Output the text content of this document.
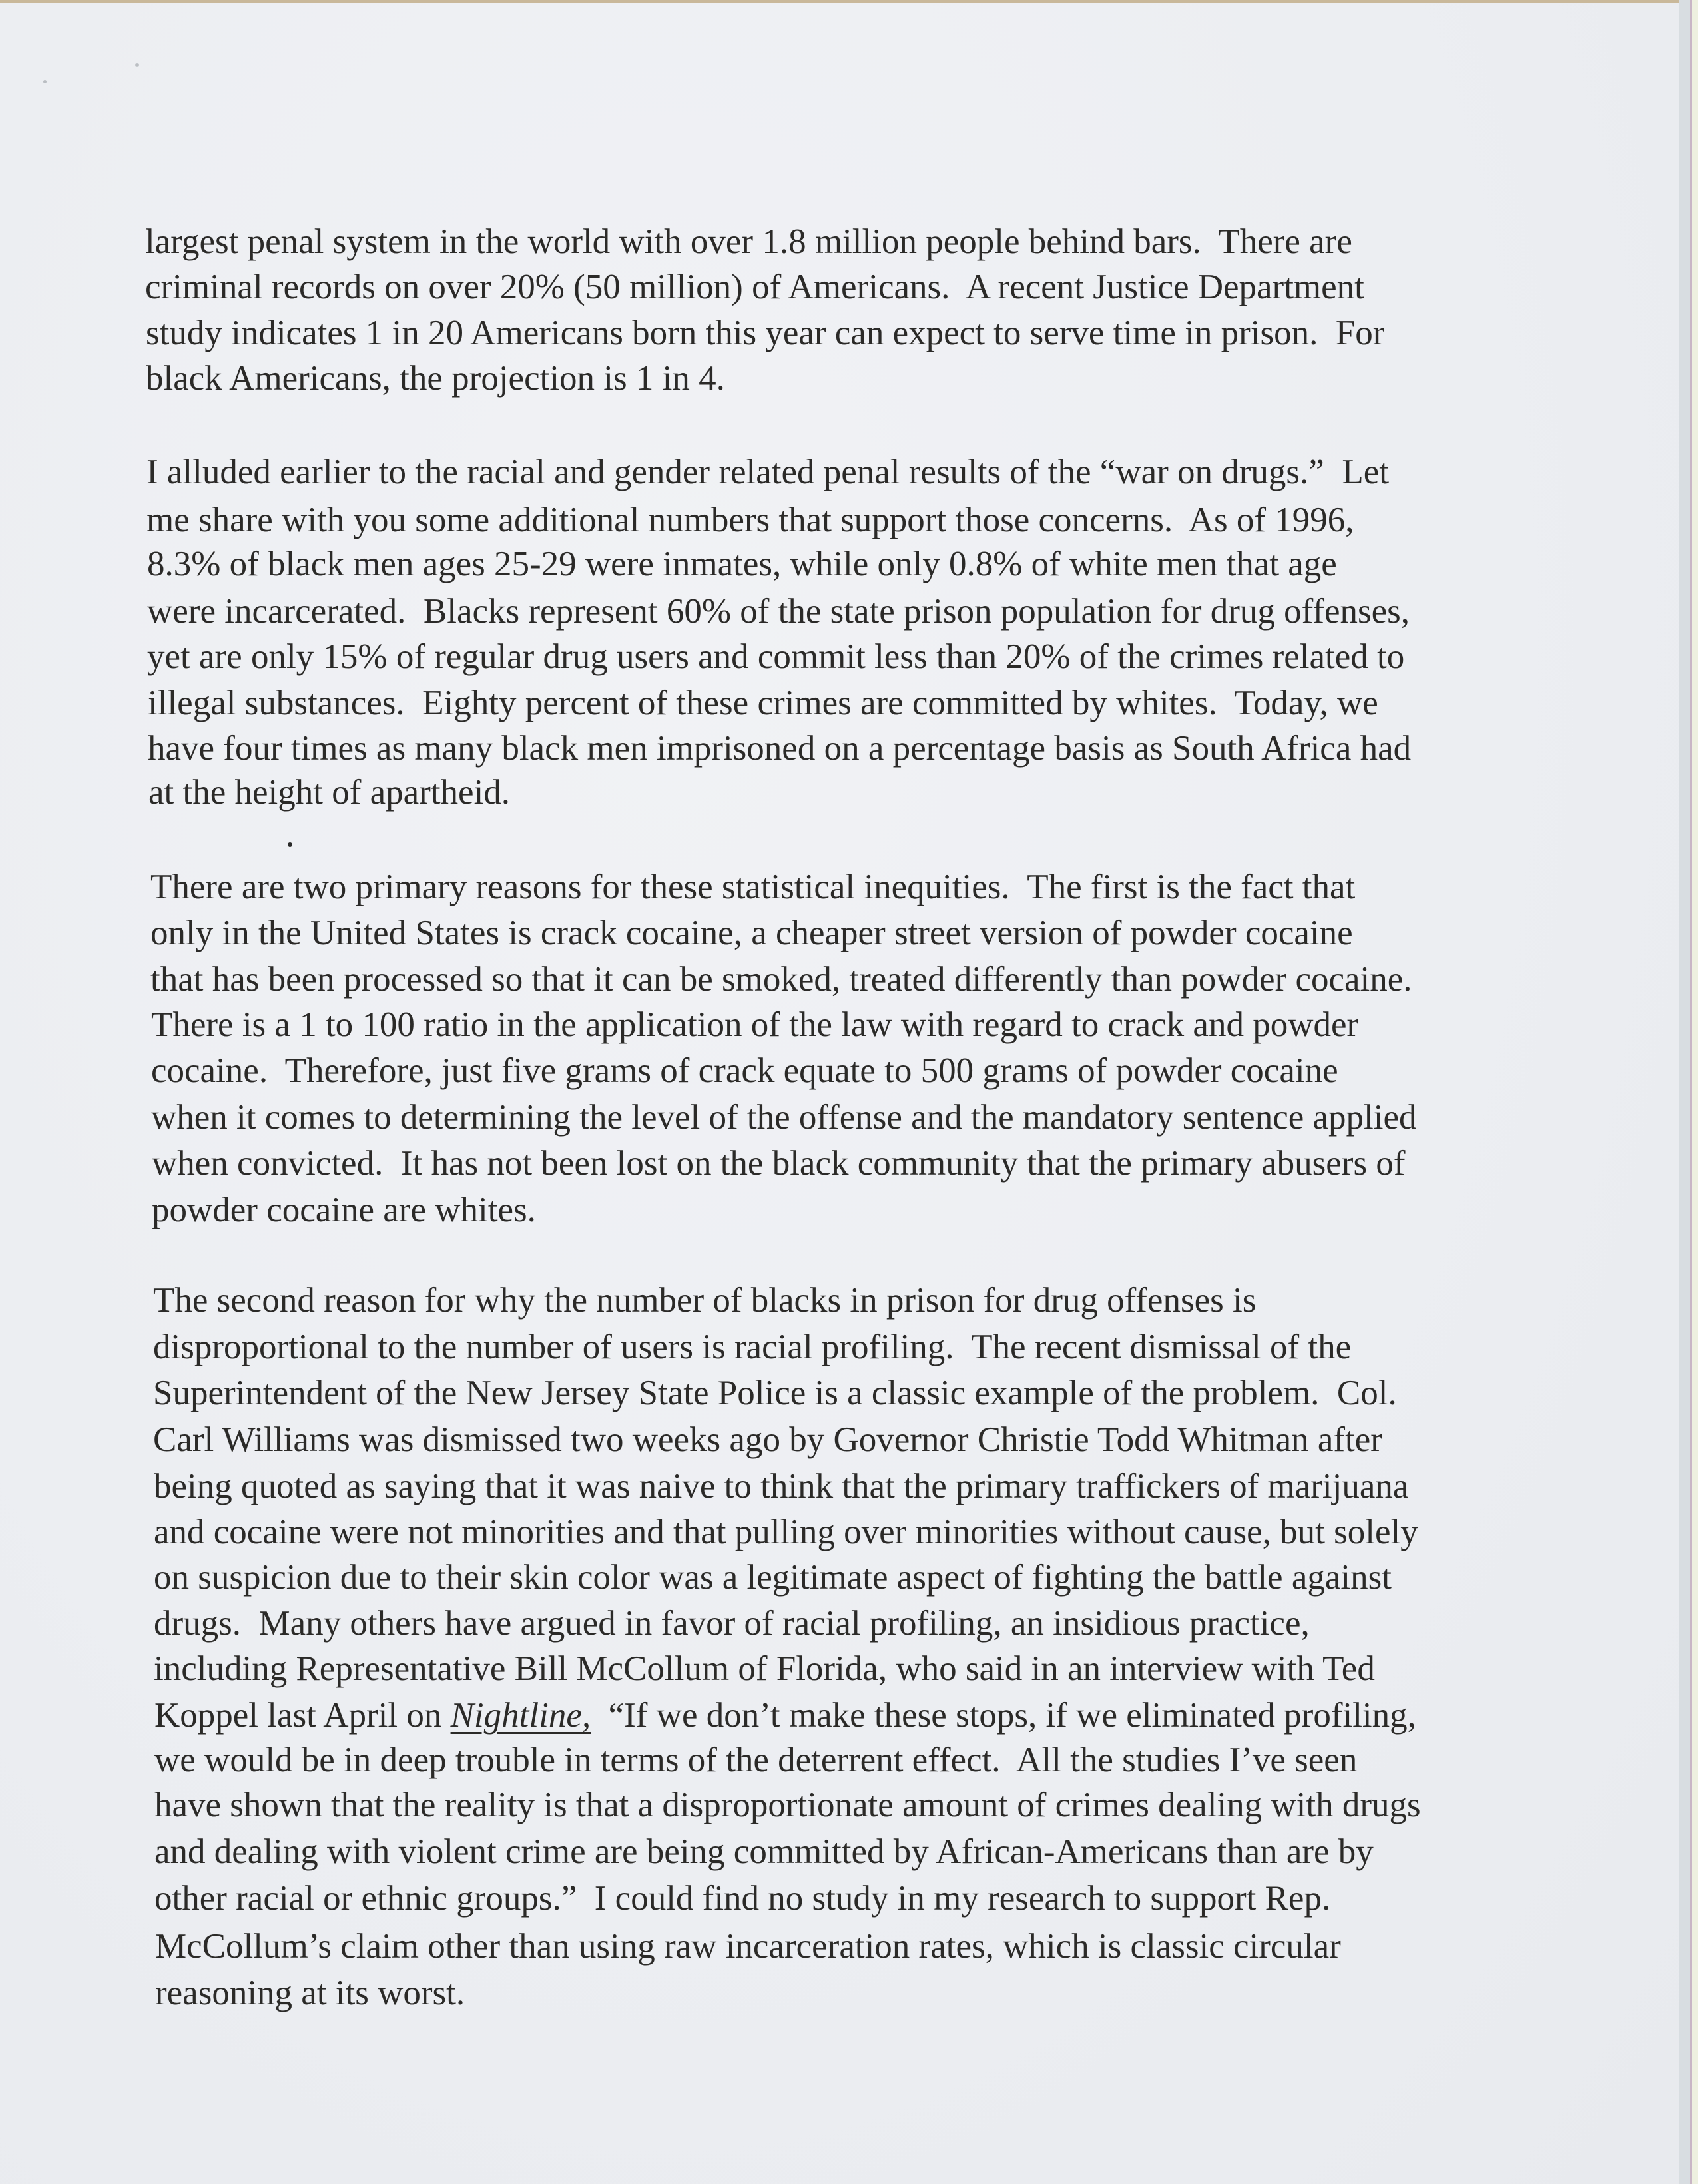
largest penal system in the world with over 1.8 million people behind bars.  There are
criminal records on over 20% (50 million) of Americans.  A recent Justice Department
study indicates 1 in 20 Americans born this year can expect to serve time in prison.  For
black Americans, the projection is 1 in 4.
I alluded earlier to the racial and gender related penal results of the “war on drugs.”  Let
me share with you some additional numbers that support those concerns.  As of 1996,
8.3% of black men ages 25-29 were inmates, while only 0.8% of white men that age
were incarcerated.  Blacks represent 60% of the state prison population for drug offenses,
yet are only 15% of regular drug users and commit less than 20% of the crimes related to
illegal substances.  Eighty percent of these crimes are committed by whites.  Today, we
have four times as many black men imprisoned on a percentage basis as South Africa had
at the height of apartheid.
There are two primary reasons for these statistical inequities.  The first is the fact that
only in the United States is crack cocaine, a cheaper street version of powder cocaine
that has been processed so that it can be smoked, treated differently than powder cocaine.
There is a 1 to 100 ratio in the application of the law with regard to crack and powder
cocaine.  Therefore, just five grams of crack equate to 500 grams of powder cocaine
when it comes to determining the level of the offense and the mandatory sentence applied
when convicted.  It has not been lost on the black community that the primary abusers of
powder cocaine are whites.
The second reason for why the number of blacks in prison for drug offenses is
disproportional to the number of users is racial profiling.  The recent dismissal of the
Superintendent of the New Jersey State Police is a classic example of the problem.  Col.
Carl Williams was dismissed two weeks ago by Governor Christie Todd Whitman after
being quoted as saying that it was naive to think that the primary traffickers of marijuana
and cocaine were not minorities and that pulling over minorities without cause, but solely
on suspicion due to their skin color was a legitimate aspect of fighting the battle against
drugs.  Many others have argued in favor of racial profiling, an insidious practice,
including Representative Bill McCollum of Florida, who said in an interview with Ted
Koppel last April on Nightline,  “If we don’t make these stops, if we eliminated profiling,
we would be in deep trouble in terms of the deterrent effect.  All the studies I’ve seen
have shown that the reality is that a disproportionate amount of crimes dealing with drugs
and dealing with violent crime are being committed by African-Americans than are by
other racial or ethnic groups.”  I could find no study in my research to support Rep.
McCollum’s claim other than using raw incarceration rates, which is classic circular
reasoning at its worst.
